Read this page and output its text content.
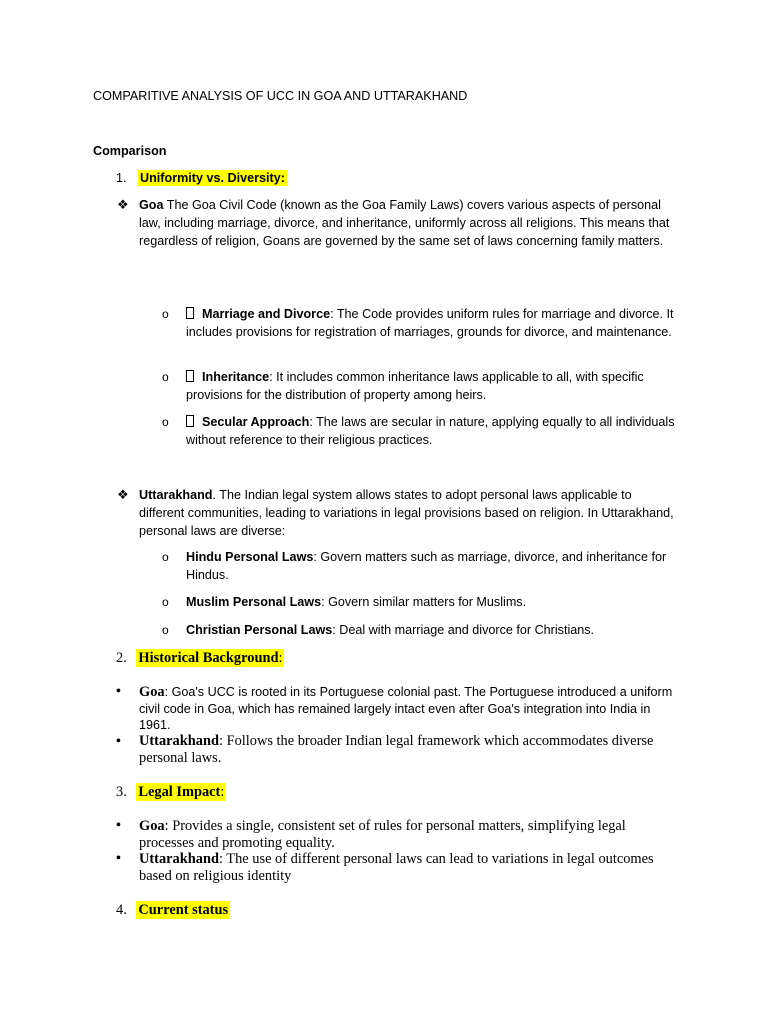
COMPARITIVE ANALYSIS OF UCC IN GOA AND UTTARAKHAND
Comparison
1. Uniformity vs. Diversity:
❖ Goa The Goa Civil Code (known as the Goa Family Laws) covers various aspects of personal law, including marriage, divorce, and inheritance, uniformly across all religions. This means that regardless of religion, Goans are governed by the same set of laws concerning family matters.
o	Marriage and Divorce: The Code provides uniform rules for marriage and divorce. It includes provisions for registration of marriages, grounds for divorce, and maintenance.
o	Inheritance: It includes common inheritance laws applicable to all, with specific provisions for the distribution of property among heirs.
o	Secular Approach: The laws are secular in nature, applying equally to all individuals without reference to their religious practices.
❖ Uttarakhand. The Indian legal system allows states to adopt personal laws applicable to different communities, leading to variations in legal provisions based on religion. In Uttarakhand, personal laws are diverse:
o Hindu Personal Laws: Govern matters such as marriage, divorce, and inheritance for Hindus.
o Muslim Personal Laws: Govern similar matters for Muslims.
o Christian Personal Laws: Deal with marriage and divorce for Christians.
2. Historical Background:
• Goa: Goa's UCC is rooted in its Portuguese colonial past. The Portuguese introduced a uniform civil code in Goa, which has remained largely intact even after Goa's integration into India in 1961.
• Uttarakhand: Follows the broader Indian legal framework which accommodates diverse personal laws.
3. Legal Impact:
• Goa: Provides a single, consistent set of rules for personal matters, simplifying legal processes and promoting equality.
• Uttarakhand: The use of different personal laws can lead to variations in legal outcomes based on religious identity
4. Current status
